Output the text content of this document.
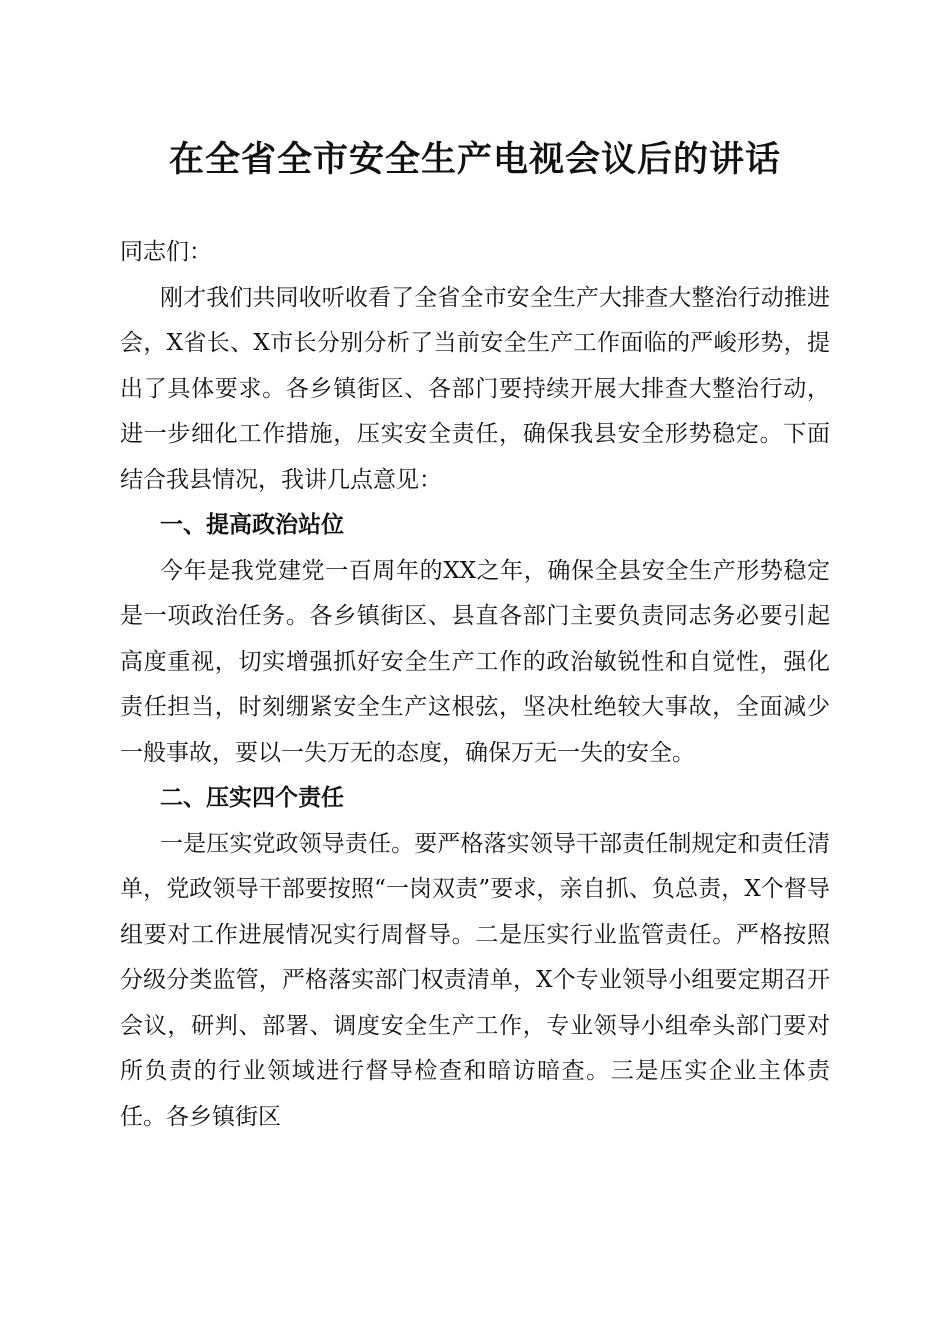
在全省全市安全生产电视会议后的讲话

同志们：

刚才我们共同收听收看了全省全市安全生产大排查大整治行动推进会，X省长、X市长分别分析了当前安全生产工作面临的严峻形势，提出了具体要求。各乡镇街区、各部门要持续开展大排查大整治行动，进一步细化工作措施，压实安全责任，确保我县安全形势稳定。下面结合我县情况，我讲几点意见：

一、提高政治站位

今年是我党建党一百周年的XX之年，确保全县安全生产形势稳定是一项政治任务。各乡镇街区、县直各部门主要负责同志务必要引起高度重视，切实增强抓好安全生产工作的政治敏锐性和自觉性，强化责任担当，时刻绷紧安全生产这根弦，坚决杜绝较大事故，全面减少一般事故，要以一失万无的态度，确保万无一失的安全。

二、压实四个责任

一是压实党政领导责任。要严格落实领导干部责任制规定和责任清单，党政领导干部要按照“一岗双责”要求，亲自抓、负总责，X个督导组要对工作进展情况实行周督导。二是压实行业监管责任。严格按照分级分类监管，严格落实部门权责清单，X个专业领导小组要定期召开会议，研判、部署、调度安全生产工作，专业领导小组牵头部门要对所负责的行业领域进行督导检查和暗访暗查。三是压实企业主体责任。各乡镇街区
